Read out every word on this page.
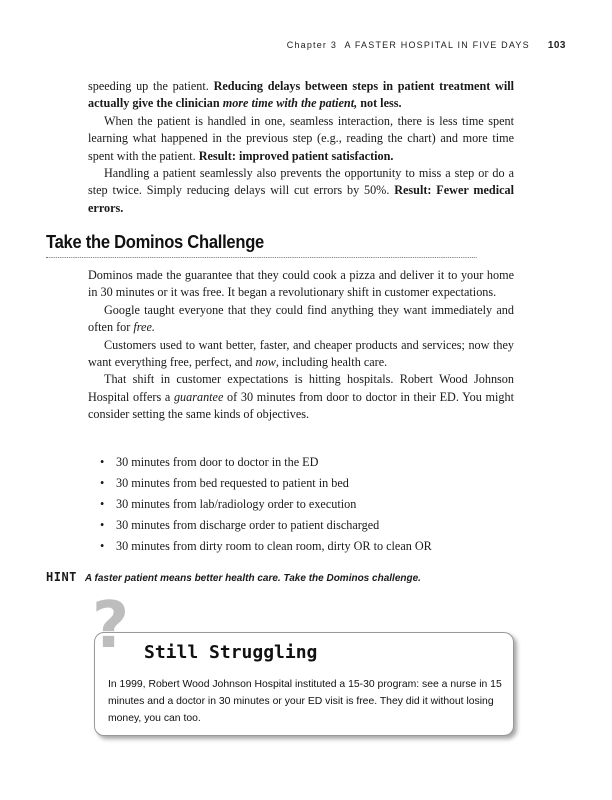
Chapter 3 A FASTER HOSPITAL IN FIVE DAYS 103

speeding up the patient. Reducing delays between steps in patient treatment will actually give the clinician more time with the patient, not less.

When the patient is handled in one, seamless interaction, there is less time spent learning what happened in the previous step (e.g., reading the chart) and more time spent with the patient. Result: improved patient satisfaction.

Handling a patient seamlessly also prevents the opportunity to miss a step or do a step twice. Simply reducing delays will cut errors by 50%. Result: Fewer medical errors.

Take the Dominos Challenge

Dominos made the guarantee that they could cook a pizza and deliver it to your home in 30 minutes or it was free. It began a revolutionary shift in customer expectations.

Google taught everyone that they could find anything they want immediately and often for free.

Customers used to want better, faster, and cheaper products and services; now they want everything free, perfect, and now, including health care.

That shift in customer expectations is hitting hospitals. Robert Wood Johnson Hospital offers a guarantee of 30 minutes from door to doctor in their ED. You might consider setting the same kinds of objectives.

• 30 minutes from door to doctor in the ED
• 30 minutes from bed requested to patient in bed
• 30 minutes from lab/radiology order to execution
• 30 minutes from discharge order to patient discharged
• 30 minutes from dirty room to clean room, dirty OR to clean OR
HINT A faster patient means better health care. Take the Dominos challenge.
? Still Struggling
In 1999, Robert Wood Johnson Hospital instituted a 15-30 program: see a nurse in 15 minutes and a doctor in 30 minutes or your ED visit is free. They did it without losing money, you can too.
